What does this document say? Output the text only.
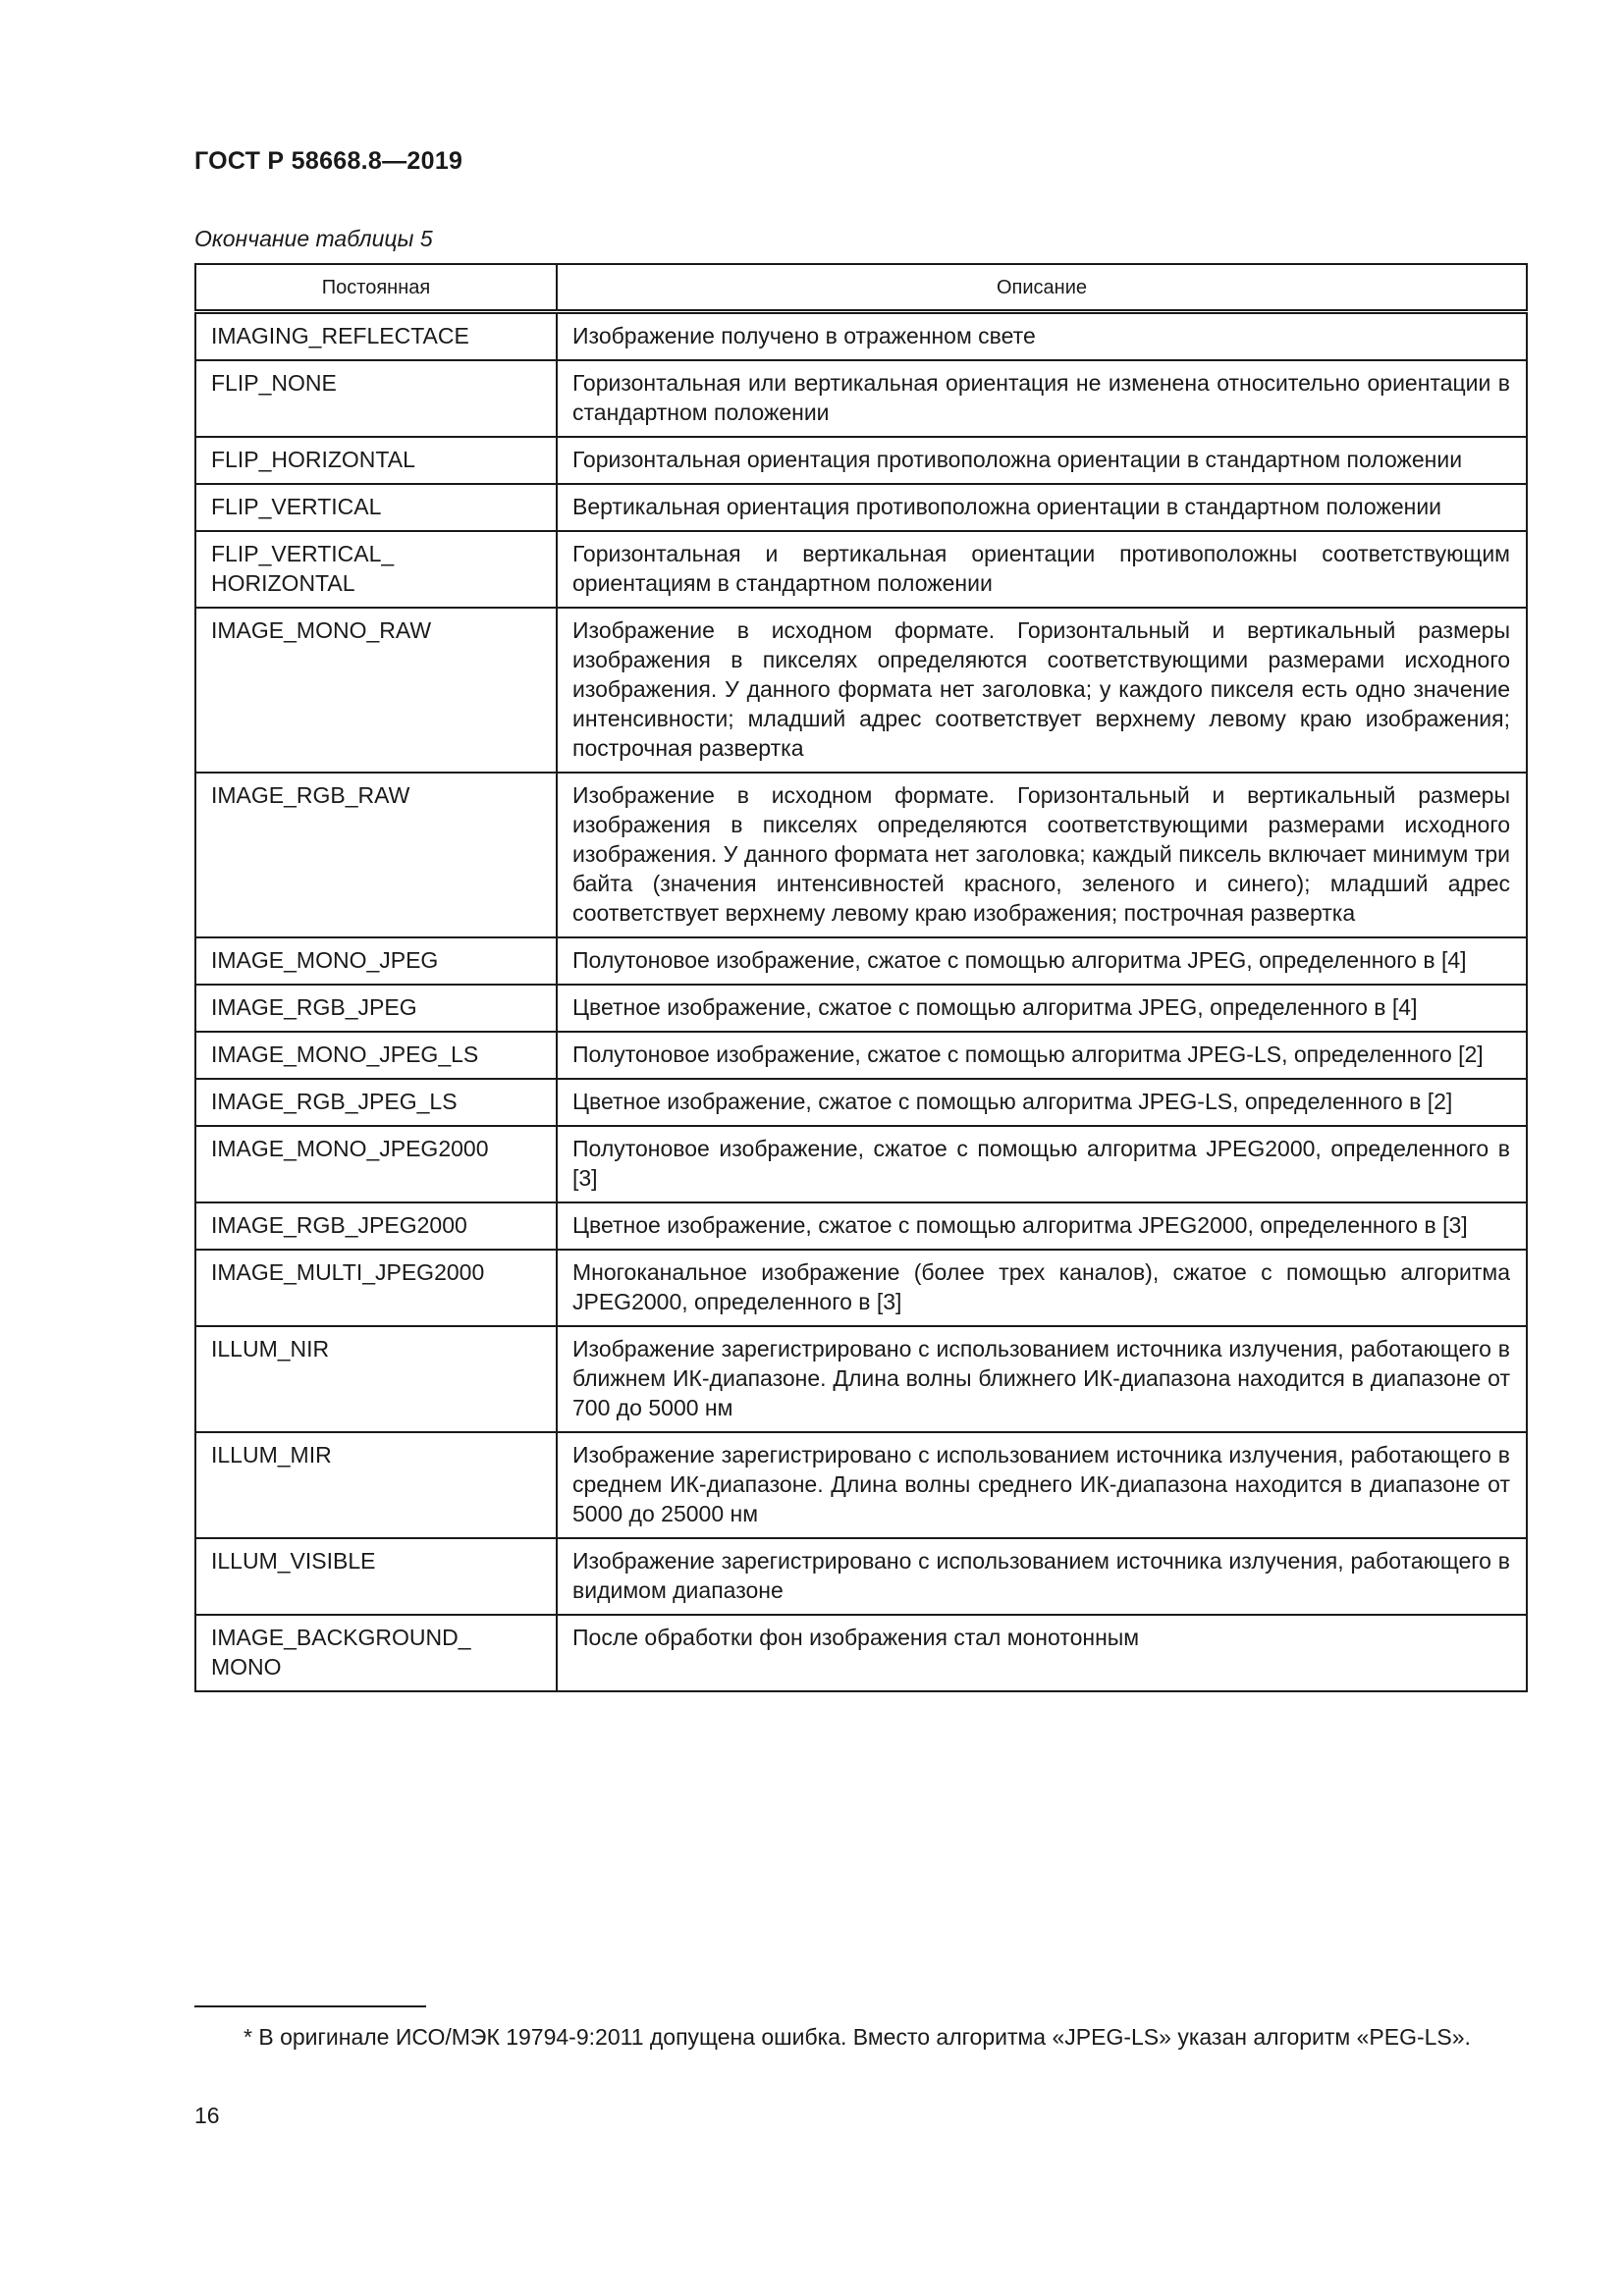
ГОСТ Р 58668.8—2019
Окончание таблицы 5
Постоянная	Описание
IMAGING_REFLECTACE	Изображение получено в отраженном свете
FLIP_NONE	Горизонтальная или вертикальная ориентация не изменена относительно ориентации в стандартном положении
FLIP_HORIZONTAL	Горизонтальная ориентация противоположна ориентации в стандартном положении
FLIP_VERTICAL	Вертикальная ориентация противоположна ориентации в стандартном положении
FLIP_VERTICAL_ HORIZONTAL	Горизонтальная и вертикальная ориентации противоположны соответствующим ориентациям в стандартном положении
IMAGE_MONO_RAW	Изображение в исходном формате. Горизонтальный и вертикальный размеры изображения в пикселях определяются соответствующими размерами исходного изображения. У данного формата нет заголовка; у каждого пикселя есть одно значение интенсивности; младший адрес соответствует верхнему левому краю изображения; построчная развертка
IMAGE_RGB_RAW	Изображение в исходном формате. Горизонтальный и вертикальный размеры изображения в пикселях определяются соответствующими размерами исходного изображения. У данного формата нет заголовка; каждый пиксель включает минимум три байта (значения интенсивностей красного, зеленого и синего); младший адрес соответствует верхнему левому краю изображения; построчная развертка
IMAGE_MONO_JPEG	Полутоновое изображение, сжатое с помощью алгоритма JPEG, определенного в [4]
IMAGE_RGB_JPEG	Цветное изображение, сжатое с помощью алгоритма JPEG, определенного в [4]
IMAGE_MONO_JPEG_LS	Полутоновое изображение, сжатое с помощью алгоритма JPEG-LS, определенного [2]
IMAGE_RGB_JPEG_LS	Цветное изображение, сжатое с помощью алгоритма JPEG-LS, определенного в [2]
IMAGE_MONO_JPEG2000	Полутоновое изображение, сжатое с помощью алгоритма JPEG2000, определенного в [3]
IMAGE_RGB_JPEG2000	Цветное изображение, сжатое с помощью алгоритма JPEG2000, определенного в [3]
IMAGE_MULTI_JPEG2000	Многоканальное изображение (более трех каналов), сжатое с помощью алгоритма JPEG2000, определенного в [3]
ILLUM_NIR	Изображение зарегистрировано с использованием источника излучения, работающего в ближнем ИК-диапазоне. Длина волны ближнего ИК-диапазона находится в диапазоне от 700 до 5000 нм
ILLUM_MIR	Изображение зарегистрировано с использованием источника излучения, работающего в среднем ИК-диапазоне. Длина волны среднего ИК-диапазона находится в диапазоне от 5000 до 25000 нм
ILLUM_VISIBLE	Изображение зарегистрировано с использованием источника излучения, работающего в видимом диапазоне
IMAGE_BACKGROUND_ MONO	После обработки фон изображения стал монотонным
* В оригинале ИСО/МЭК 19794-9:2011 допущена ошибка. Вместо алгоритма «JPEG-LS» указан алгоритм «PEG-LS».
16
